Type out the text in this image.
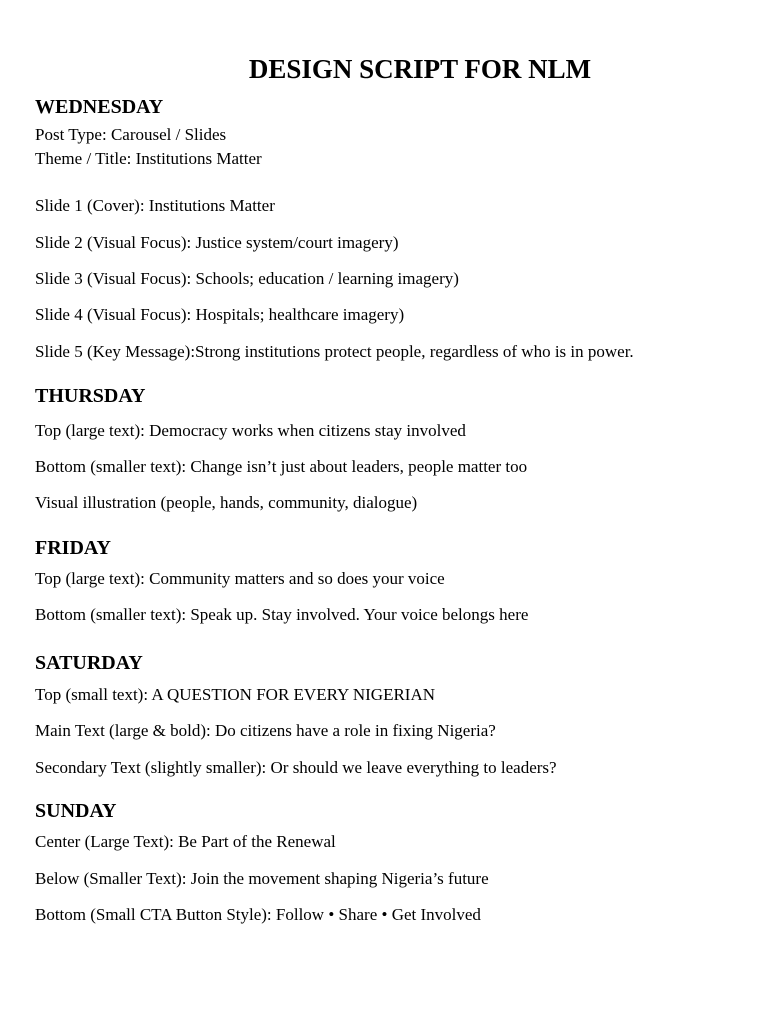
DESIGN SCRIPT FOR NLM
WEDNESDAY
Post Type: Carousel / Slides
Theme / Title: Institutions Matter
Slide 1 (Cover): Institutions Matter
Slide 2 (Visual Focus): Justice system/court imagery)
Slide 3 (Visual Focus): Schools; education / learning imagery)
Slide 4 (Visual Focus): Hospitals; healthcare imagery)
Slide 5 (Key Message):Strong institutions protect people, regardless of who is in power.
THURSDAY
Top (large text): Democracy works when citizens stay involved
Bottom (smaller text): Change isn’t just about leaders, people matter too
Visual illustration (people, hands, community, dialogue)
FRIDAY
Top (large text): Community matters and so does your voice
Bottom (smaller text): Speak up. Stay involved. Your voice belongs here
SATURDAY
Top (small text): A QUESTION FOR EVERY NIGERIAN
Main Text (large & bold): Do citizens have a role in fixing Nigeria?
Secondary Text (slightly smaller): Or should we leave everything to leaders?
SUNDAY
Center (Large Text): Be Part of the Renewal
Below (Smaller Text): Join the movement shaping Nigeria’s future
Bottom (Small CTA Button Style): Follow • Share • Get Involved
